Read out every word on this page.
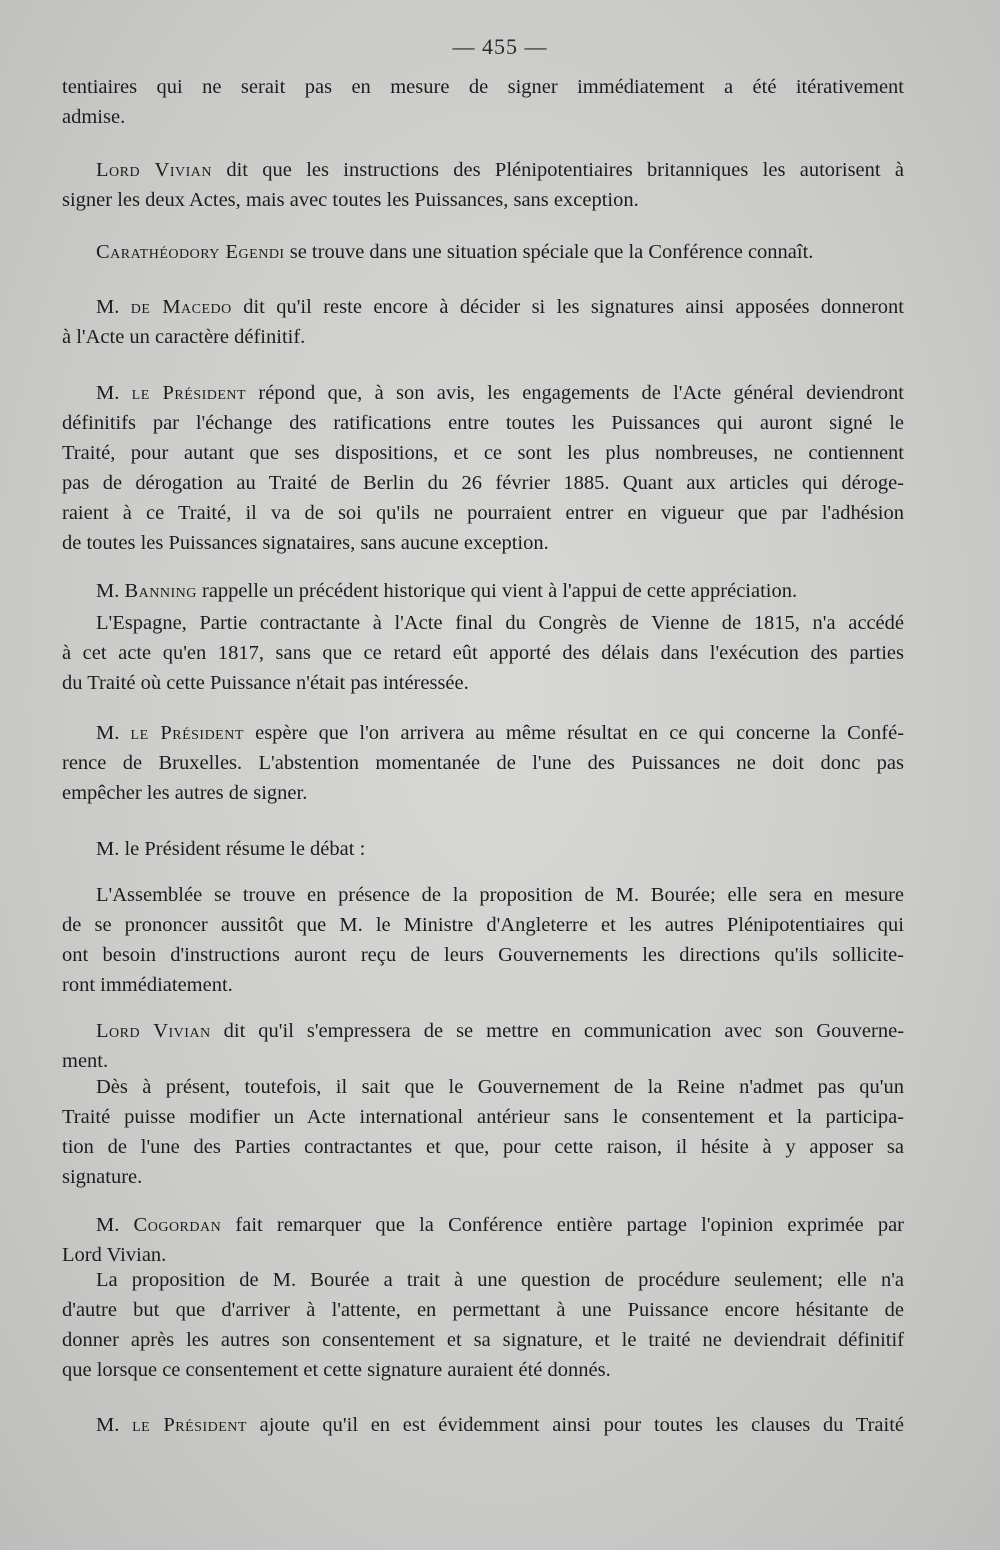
— 455 —
tentiaires qui ne serait pas en mesure de signer immédiatement a été itérativement
admise.
Lord Vivian dit que les instructions des Plénipotentiaires britanniques les autorisent à
signer les deux Actes, mais avec toutes les Puissances, sans exception.
Carathéodory Egendi se trouve dans une situation spéciale que la Conférence connaît.
M. de Macedo dit qu'il reste encore à décider si les signatures ainsi apposées donneront
à l'Acte un caractère définitif.
M. le Président répond que, à son avis, les engagements de l'Acte général deviendront
définitifs par l'échange des ratifications entre toutes les Puissances qui auront signé le
Traité, pour autant que ses dispositions, et ce sont les plus nombreuses, ne contiennent
pas de dérogation au Traité de Berlin du 26 février 1885. Quant aux articles qui déroge-
raient à ce Traité, il va de soi qu'ils ne pourraient entrer en vigueur que par l'adhésion
de toutes les Puissances signataires, sans aucune exception.
M. Banning rappelle un précédent historique qui vient à l'appui de cette appréciation.
L'Espagne, Partie contractante à l'Acte final du Congrès de Vienne de 1815, n'a accédé
à cet acte qu'en 1817, sans que ce retard eût apporté des délais dans l'exécution des parties
du Traité où cette Puissance n'était pas intéressée.
M. le Président espère que l'on arrivera au même résultat en ce qui concerne la Confé-
rence de Bruxelles. L'abstention momentanée de l'une des Puissances ne doit donc pas
empêcher les autres de signer.
M. le Président résume le débat :
L'Assemblée se trouve en présence de la proposition de M. Bourée; elle sera en mesure
de se prononcer aussitôt que M. le Ministre d'Angleterre et les autres Plénipotentiaires qui
ont besoin d'instructions auront reçu de leurs Gouvernements les directions qu'ils sollicite-
ront immédiatement.
Lord Vivian dit qu'il s'empressera de se mettre en communication avec son Gouverne-
ment.
Dès à présent, toutefois, il sait que le Gouvernement de la Reine n'admet pas qu'un
Traité puisse modifier un Acte international antérieur sans le consentement et la participa-
tion de l'une des Parties contractantes et que, pour cette raison, il hésite à y apposer sa
signature.
M. Cogordan fait remarquer que la Conférence entière partage l'opinion exprimée par
Lord Vivian.
La proposition de M. Bourée a trait à une question de procédure seulement; elle n'a
d'autre but que d'arriver à l'attente, en permettant à une Puissance encore hésitante de
donner après les autres son consentement et sa signature, et le traité ne deviendrait définitif
que lorsque ce consentement et cette signature auraient été donnés.
M. le Président ajoute qu'il en est évidemment ainsi pour toutes les clauses du Traité
